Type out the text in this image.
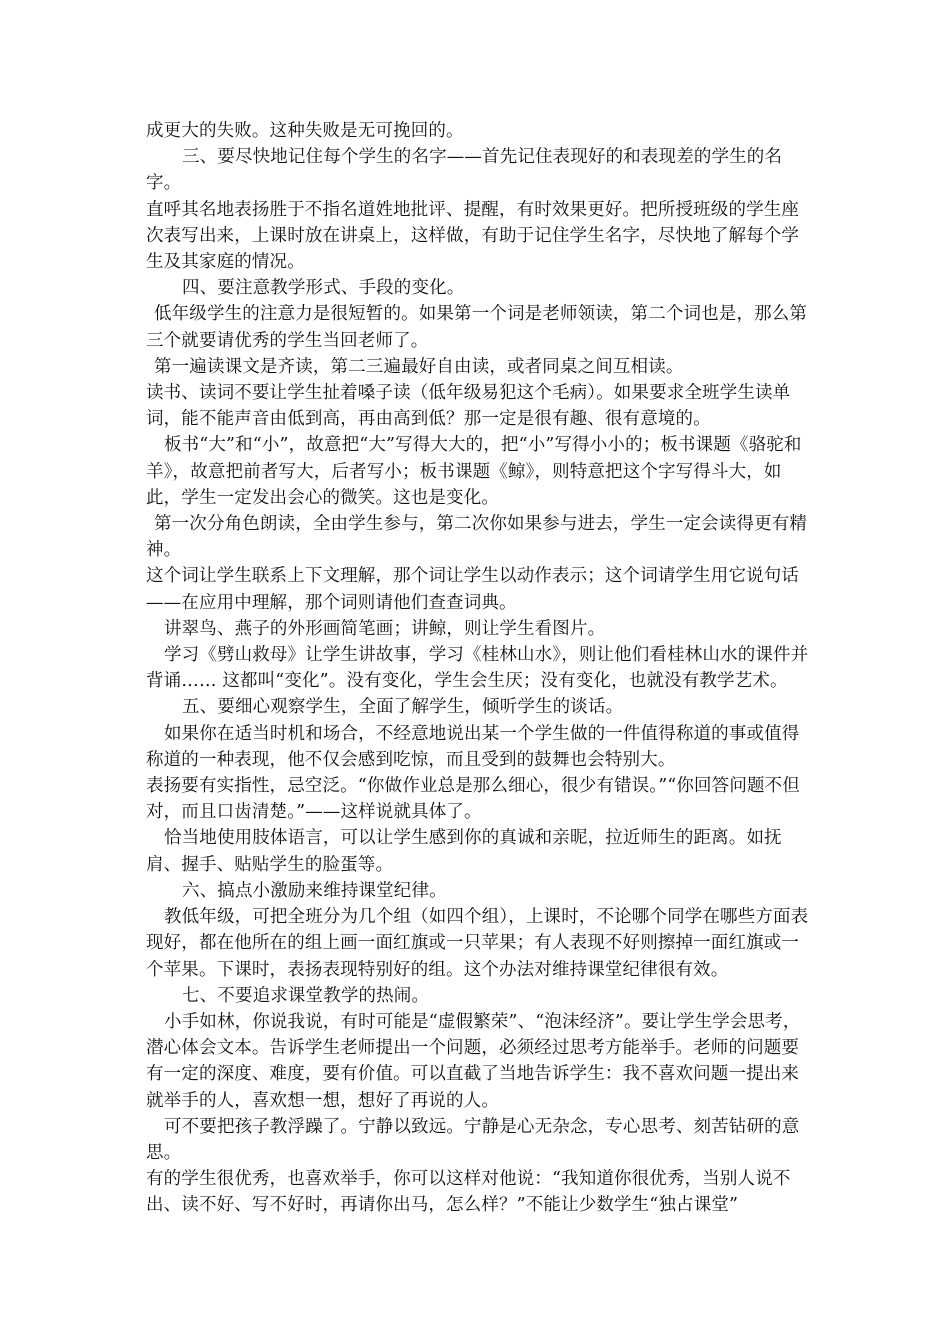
成更大的失败。这种失败是无可挽回的。

三、要尽快地记住每个学生的名字——首先记住表现好的和表现差的学生的名字。

直呼其名地表扬胜于不指名道姓地批评、提醒，有时效果更好。把所授班级的学生座次表写出来，上课时放在讲桌上，这样做，有助于记住学生名字，尽快地了解每个学生及其家庭的情况。

四、要注意教学形式、手段的变化。

低年级学生的注意力是很短暂的。如果第一个词是老师领读，第二个词也是，那么第三个就要请优秀的学生当回老师了。

第一遍读课文是齐读，第二三遍最好自由读，或者同桌之间互相读。

读书、读词不要让学生扯着嗓子读（低年级易犯这个毛病）。如果要求全班学生读单词，能不能声音由低到高，再由高到低？那一定是很有趣、很有意境的。

板书“大”和“小”，故意把“大”写得大大的，把“小”写得小小的；板书课题《骆驼和羊》，故意把前者写大，后者写小；板书课题《鲸》，则特意把这个字写得斗大，如此，学生一定发出会心的微笑。这也是变化。

第一次分角色朗读，全由学生参与，第二次你如果参与进去，学生一定会读得更有精神。

这个词让学生联系上下文理解，那个词让学生以动作表示；这个词请学生用它说句话——在应用中理解，那个词则请他们查查词典。

讲翠鸟、燕子的外形画简笔画；讲鲸，则让学生看图片。

学习《劈山救母》让学生讲故事，学习《桂林山水》，则让他们看桂林山水的课件并背诵…… 这都叫“变化”。没有变化，学生会生厌；没有变化，也就没有教学艺术。

五、要细心观察学生，全面了解学生，倾听学生的谈话。

如果你在适当时机和场合，不经意地说出某一个学生做的一件值得称道的事或值得称道的一种表现，他不仅会感到吃惊，而且受到的鼓舞也会特别大。

表扬要有实指性，忌空泛。“你做作业总是那么细心，很少有错误。”“你回答问题不但对，而且口齿清楚。”——这样说就具体了。

恰当地使用肢体语言，可以让学生感到你的真诚和亲昵，拉近师生的距离。如抚肩、握手、贴贴学生的脸蛋等。

六、搞点小激励来维持课堂纪律。

教低年级，可把全班分为几个组（如四个组），上课时，不论哪个同学在哪些方面表现好，都在他所在的组上画一面红旗或一只苹果；有人表现不好则擦掉一面红旗或一个苹果。下课时，表扬表现特别好的组。这个办法对维持课堂纪律很有效。

七、不要追求课堂教学的热闹。

小手如林，你说我说，有时可能是“虚假繁荣”、“泡沫经济”。要让学生学会思考，潜心体会文本。告诉学生老师提出一个问题，必须经过思考方能举手。老师的问题要有一定的深度、难度，要有价值。可以直截了当地告诉学生：我不喜欢问题一提出来就举手的人，喜欢想一想，想好了再说的人。

可不要把孩子教浮躁了。宁静以致远。宁静是心无杂念，专心思考、刻苦钻研的意思。

有的学生很优秀，也喜欢举手，你可以这样对他说：“我知道你很优秀，当别人说不出、读不好、写不好时，再请你出马，怎么样？”不能让少数学生“独占课堂”
